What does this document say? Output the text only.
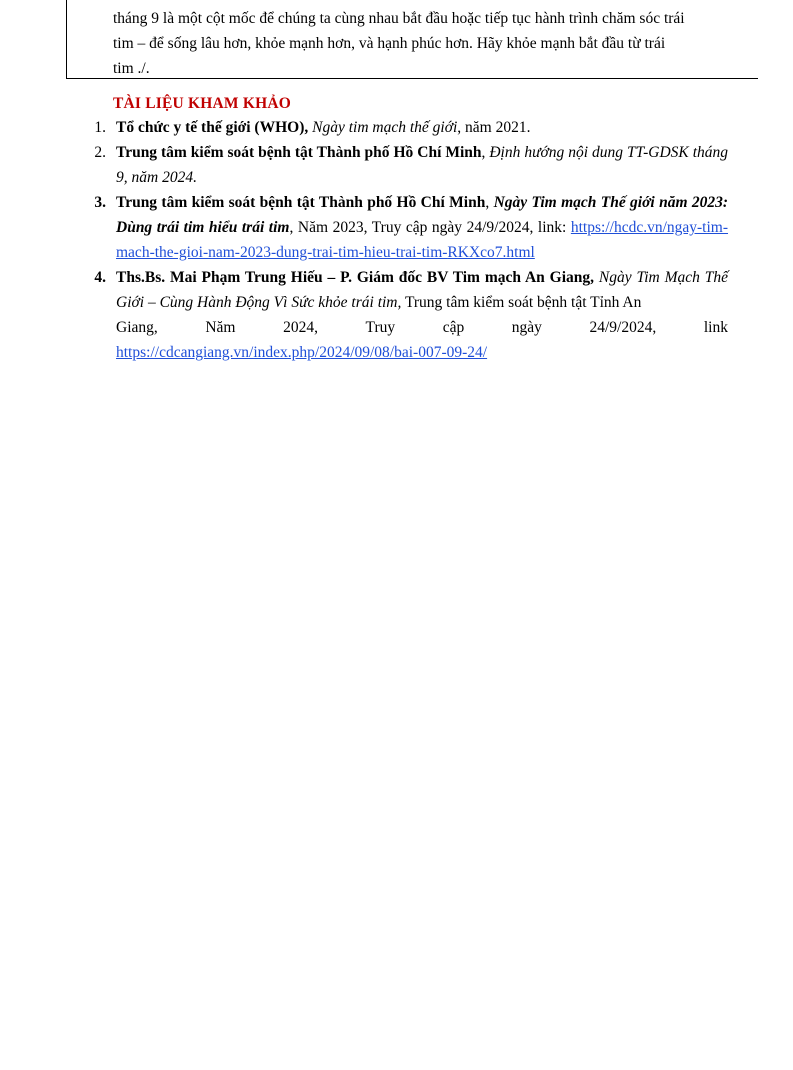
tháng 9 là một cột mốc để chúng ta cùng nhau bắt đầu hoặc tiếp tục hành trình chăm sóc trái
tim – để sống lâu hơn, khỏe mạnh hơn, và hạnh phúc hơn. Hãy khỏe mạnh bắt đầu từ trái
tim ./.
TÀI LIỆU KHAM KHẢO
1. Tổ chức y tế thế giới (WHO), Ngày tim mạch thế giới, năm 2021.
2. Trung tâm kiểm soát bệnh tật Thành phố Hồ Chí Minh, Định hướng nội dung TT-GDSK tháng 9, năm 2024.
3. Trung tâm kiểm soát bệnh tật Thành phố Hồ Chí Minh, Ngày Tim mạch Thế giới năm 2023: Dùng trái tim hiểu trái tim, Năm 2023, Truy cập ngày 24/9/2024, link: https://hcdc.vn/ngay-tim-mach-the-gioi-nam-2023-dung-trai-tim-hieu-trai-tim-RKXco7.html
4. Ths.Bs. Mai Phạm Trung Hiếu – P. Giám đốc BV Tim mạch An Giang, Ngày Tim Mạch Thế Giới – Cùng Hành Động Vì Sức khỏe trái tim, Trung tâm kiểm soát bệnh tật Tỉnh An
Giang,	Năm	2024,	Truy	cập	ngày	24/9/2024,	link
https://cdcangiang.vn/index.php/2024/09/08/bai-007-09-24/
